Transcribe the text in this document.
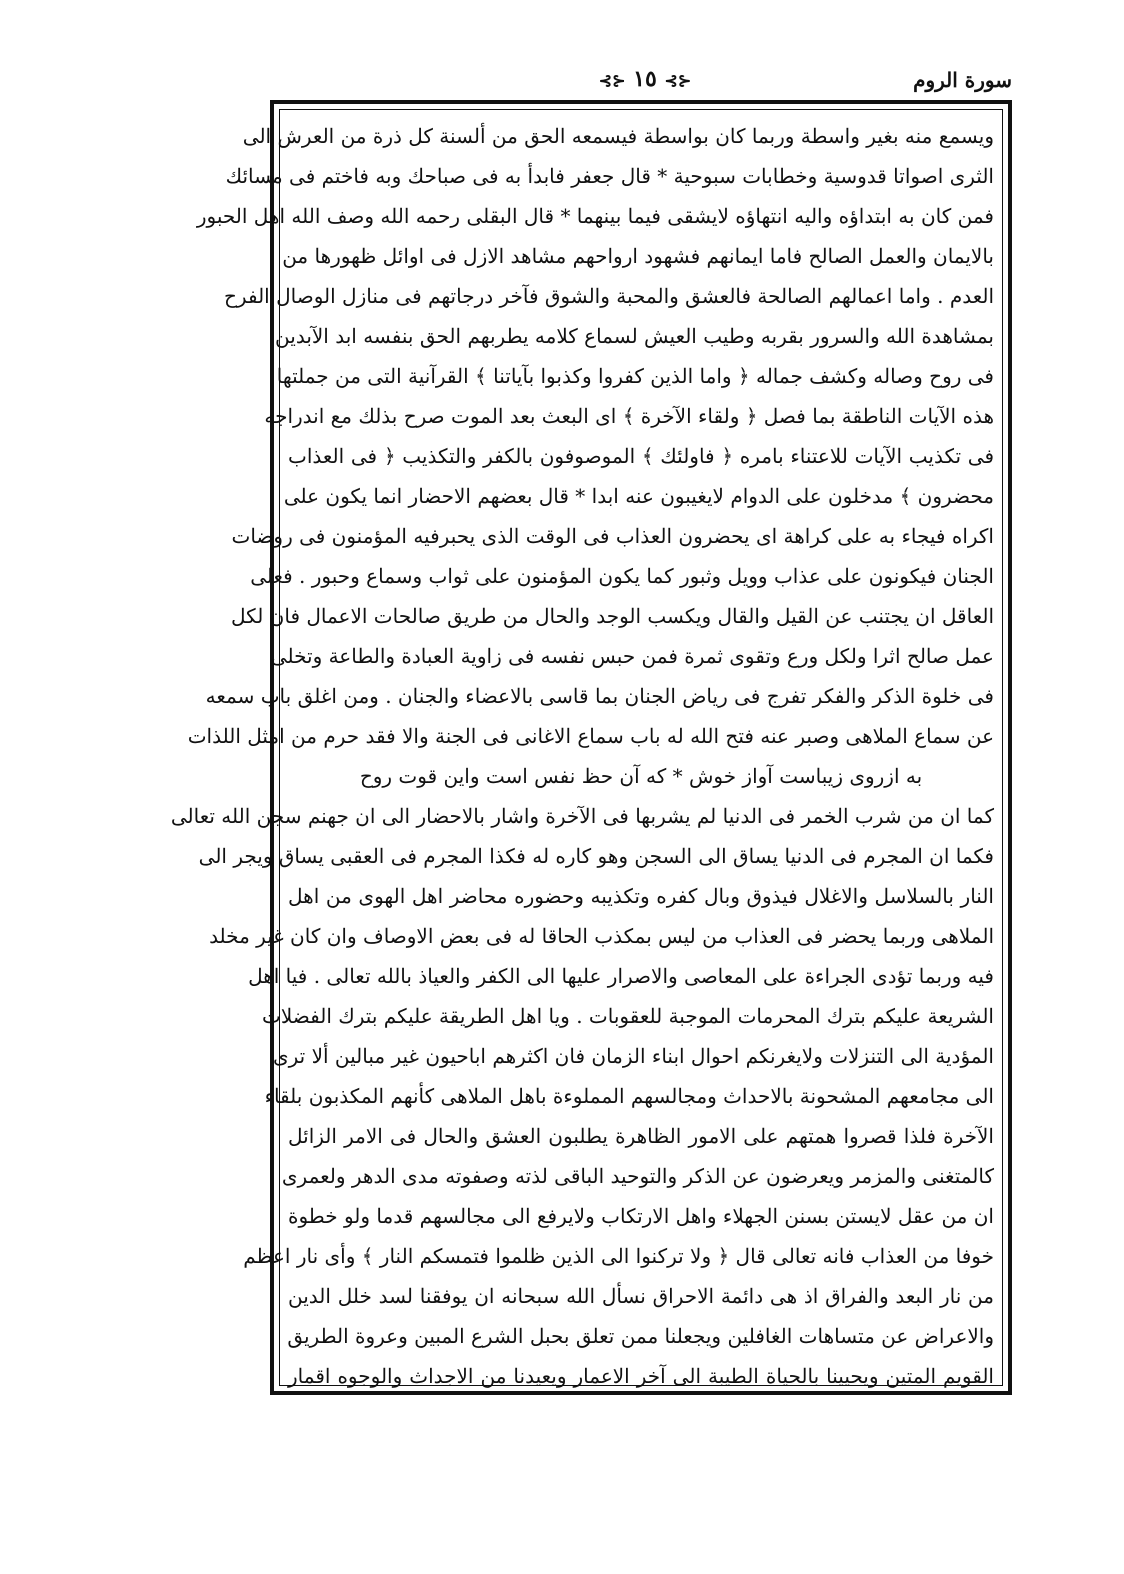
سورة الروم
⊰⊱ ١٥ ⊰⊱
ويسمع منه بغير واسطة وربما كان بواسطة فيسمعه الحق من ألسنة كل ذرة من العرش الى
الثرى اصواتا قدوسية وخطابات سبوحية * قال جعفر فابدأ به فى صباحك وبه فاختم فى مسائك
فمن كان به ابتداؤه واليه انتهاؤه لايشقى فيما بينهما * قال البقلى رحمه الله وصف الله اهل الحبور
بالايمان والعمل الصالح فاما ايمانهم فشهود ارواحهم مشاهد الازل فى اوائل ظهورها من
العدم . واما اعمالهم الصالحة فالعشق والمحبة والشوق فآخر درجاتهم فى منازل الوصال الفرح
بمشاهدة الله والسرور بقربه وطيب العيش لسماع كلامه يطربهم الحق بنفسه ابد الآبدين
فى روح وصاله وكشف جماله ﴿ واما الذين كفروا وكذبوا بآياتنا ﴾ القرآنية التى من جملتها
هذه الآيات الناطقة بما فصل ﴿ ولقاء الآخرة ﴾ اى البعث بعد الموت صرح بذلك مع اندراجه
فى تكذيب الآيات للاعتناء بامره ﴿ فاولئك ﴾ الموصوفون بالكفر والتكذيب ﴿ فى العذاب
محضرون ﴾ مدخلون على الدوام لايغيبون عنه ابدا * قال بعضهم الاحضار انما يكون على
اكراه فيجاء به على كراهة اى يحضرون العذاب فى الوقت الذى يحبرفيه المؤمنون فى روضات
الجنان فيكونون على عذاب وويل وثبور كما يكون المؤمنون على ثواب وسماع وحبور . فعلى
العاقل ان يجتنب عن القيل والقال ويكسب الوجد والحال من طريق صالحات الاعمال فان لكل
عمل صالح اثرا ولكل ورع وتقوى ثمرة فمن حبس نفسه فى زاوية العبادة والطاعة وتخلى
فى خلوة الذكر والفكر تفرج فى رياض الجنان بما قاسى بالاعضاء والجنان . ومن اغلق باب سمعه
عن سماع الملاهى وصبر عنه فتح الله له باب سماع الاغانى فى الجنة والا فقد حرم من امثل اللذات
به ازروى زيباست آواز خوش * كه آن حظ نفس است واين قوت روح
كما ان من شرب الخمر فى الدنيا لم يشربها فى الآخرة واشار بالاحضار الى ان جهنم سجن الله تعالى
فكما ان المجرم فى الدنيا يساق الى السجن وهو كاره له فكذا المجرم فى العقبى يساق ويجر الى
النار بالسلاسل والاغلال فيذوق وبال كفره وتكذيبه وحضوره محاضر اهل الهوى من اهل
الملاهى وربما يحضر فى العذاب من ليس بمكذب الحاقا له فى بعض الاوصاف وان كان غير مخلد
فيه وربما تؤدى الجراءة على المعاصى والاصرار عليها الى الكفر والعياذ بالله تعالى . فيا اهل
الشريعة عليكم بترك المحرمات الموجبة للعقوبات . ويا اهل الطريقة عليكم بترك الفضلات
المؤدية الى التنزلات ولايغرنكم احوال ابناء الزمان فان اكثرهم اباحيون غير مبالين ألا ترى
الى مجامعهم المشحونة بالاحداث ومجالسهم المملوءة باهل الملاهى كأنهم المكذبون بلقاء
الآخرة فلذا قصروا همتهم على الامور الظاهرة يطلبون العشق والحال فى الامر الزائل
كالمتغنى والمزمر ويعرضون عن الذكر والتوحيد الباقى لذته وصفوته مدى الدهر ولعمرى
ان من عقل لايستن بسنن الجهلاء واهل الارتكاب ولايرفع الى مجالسهم قدما ولو خطوة
خوفا من العذاب فانه تعالى قال ﴿ ولا تركنوا الى الذين ظلموا فتمسكم النار ﴾ وأى نار اعظم
من نار البعد والفراق اذ هى دائمة الاحراق نسأل الله سبحانه ان يوفقنا لسد خلل الدين
والاعراض عن متساهات الغافلين ويجعلنا ممن تعلق بحبل الشرع المبين وعروة الطريق
القويم المتين ويحيينا بالحياة الطيبة الى آخر الاعمار ويعيدنا من الاجداث والوجوه اقمار
